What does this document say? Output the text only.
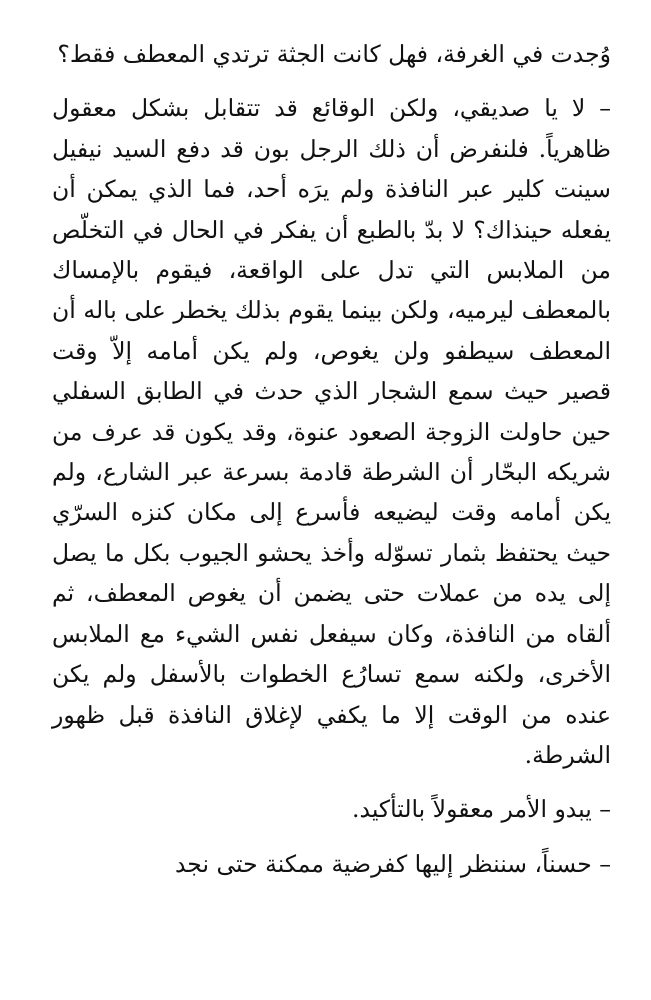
وُجدت في الغرفة، فهل كانت الجثة ترتدي المعطف فقط؟

– لا يا صديقي، ولكن الوقائع قد تتقابل بشكل معقول ظاهرياً. فلنفرض أن ذلك الرجل بون قد دفع السيد نيفيل سينت كلير عبر النافذة ولم يرَه أحد، فما الذي يمكن أن يفعله حينذاك؟ لا بدّ بالطبع أن يفكر في الحال في التخلّص من الملابس التي تدل على الواقعة، فيقوم بالإمساك بالمعطف ليرميه، ولكن بينما يقوم بذلك يخطر على باله أن المعطف سيطفو ولن يغوص، ولم يكن أمامه إلاّ وقت قصير حيث سمع الشجار الذي حدث في الطابق السفلي حين حاولت الزوجة الصعود عنوة، وقد يكون قد عرف من شريكه البحّار أن الشرطة قادمة بسرعة عبر الشارع، ولم يكن أمامه وقت ليضيعه فأسرع إلى مكان كنزه السرّي حيث يحتفظ بثمار تسوّله وأخذ يحشو الجيوب بكل ما يصل إلى يده من عملات حتى يضمن أن يغوص المعطف، ثم ألقاه من النافذة، وكان سيفعل نفس الشيء مع الملابس الأخرى، ولكنه سمع تسارُع الخطوات بالأسفل ولم يكن عنده من الوقت إلا ما يكفي لإغلاق النافذة قبل ظهور الشرطة.

– يبدو الأمر معقولاً بالتأكيد.

– حسناً، سننظر إليها كفرضية ممكنة حتى نجد
